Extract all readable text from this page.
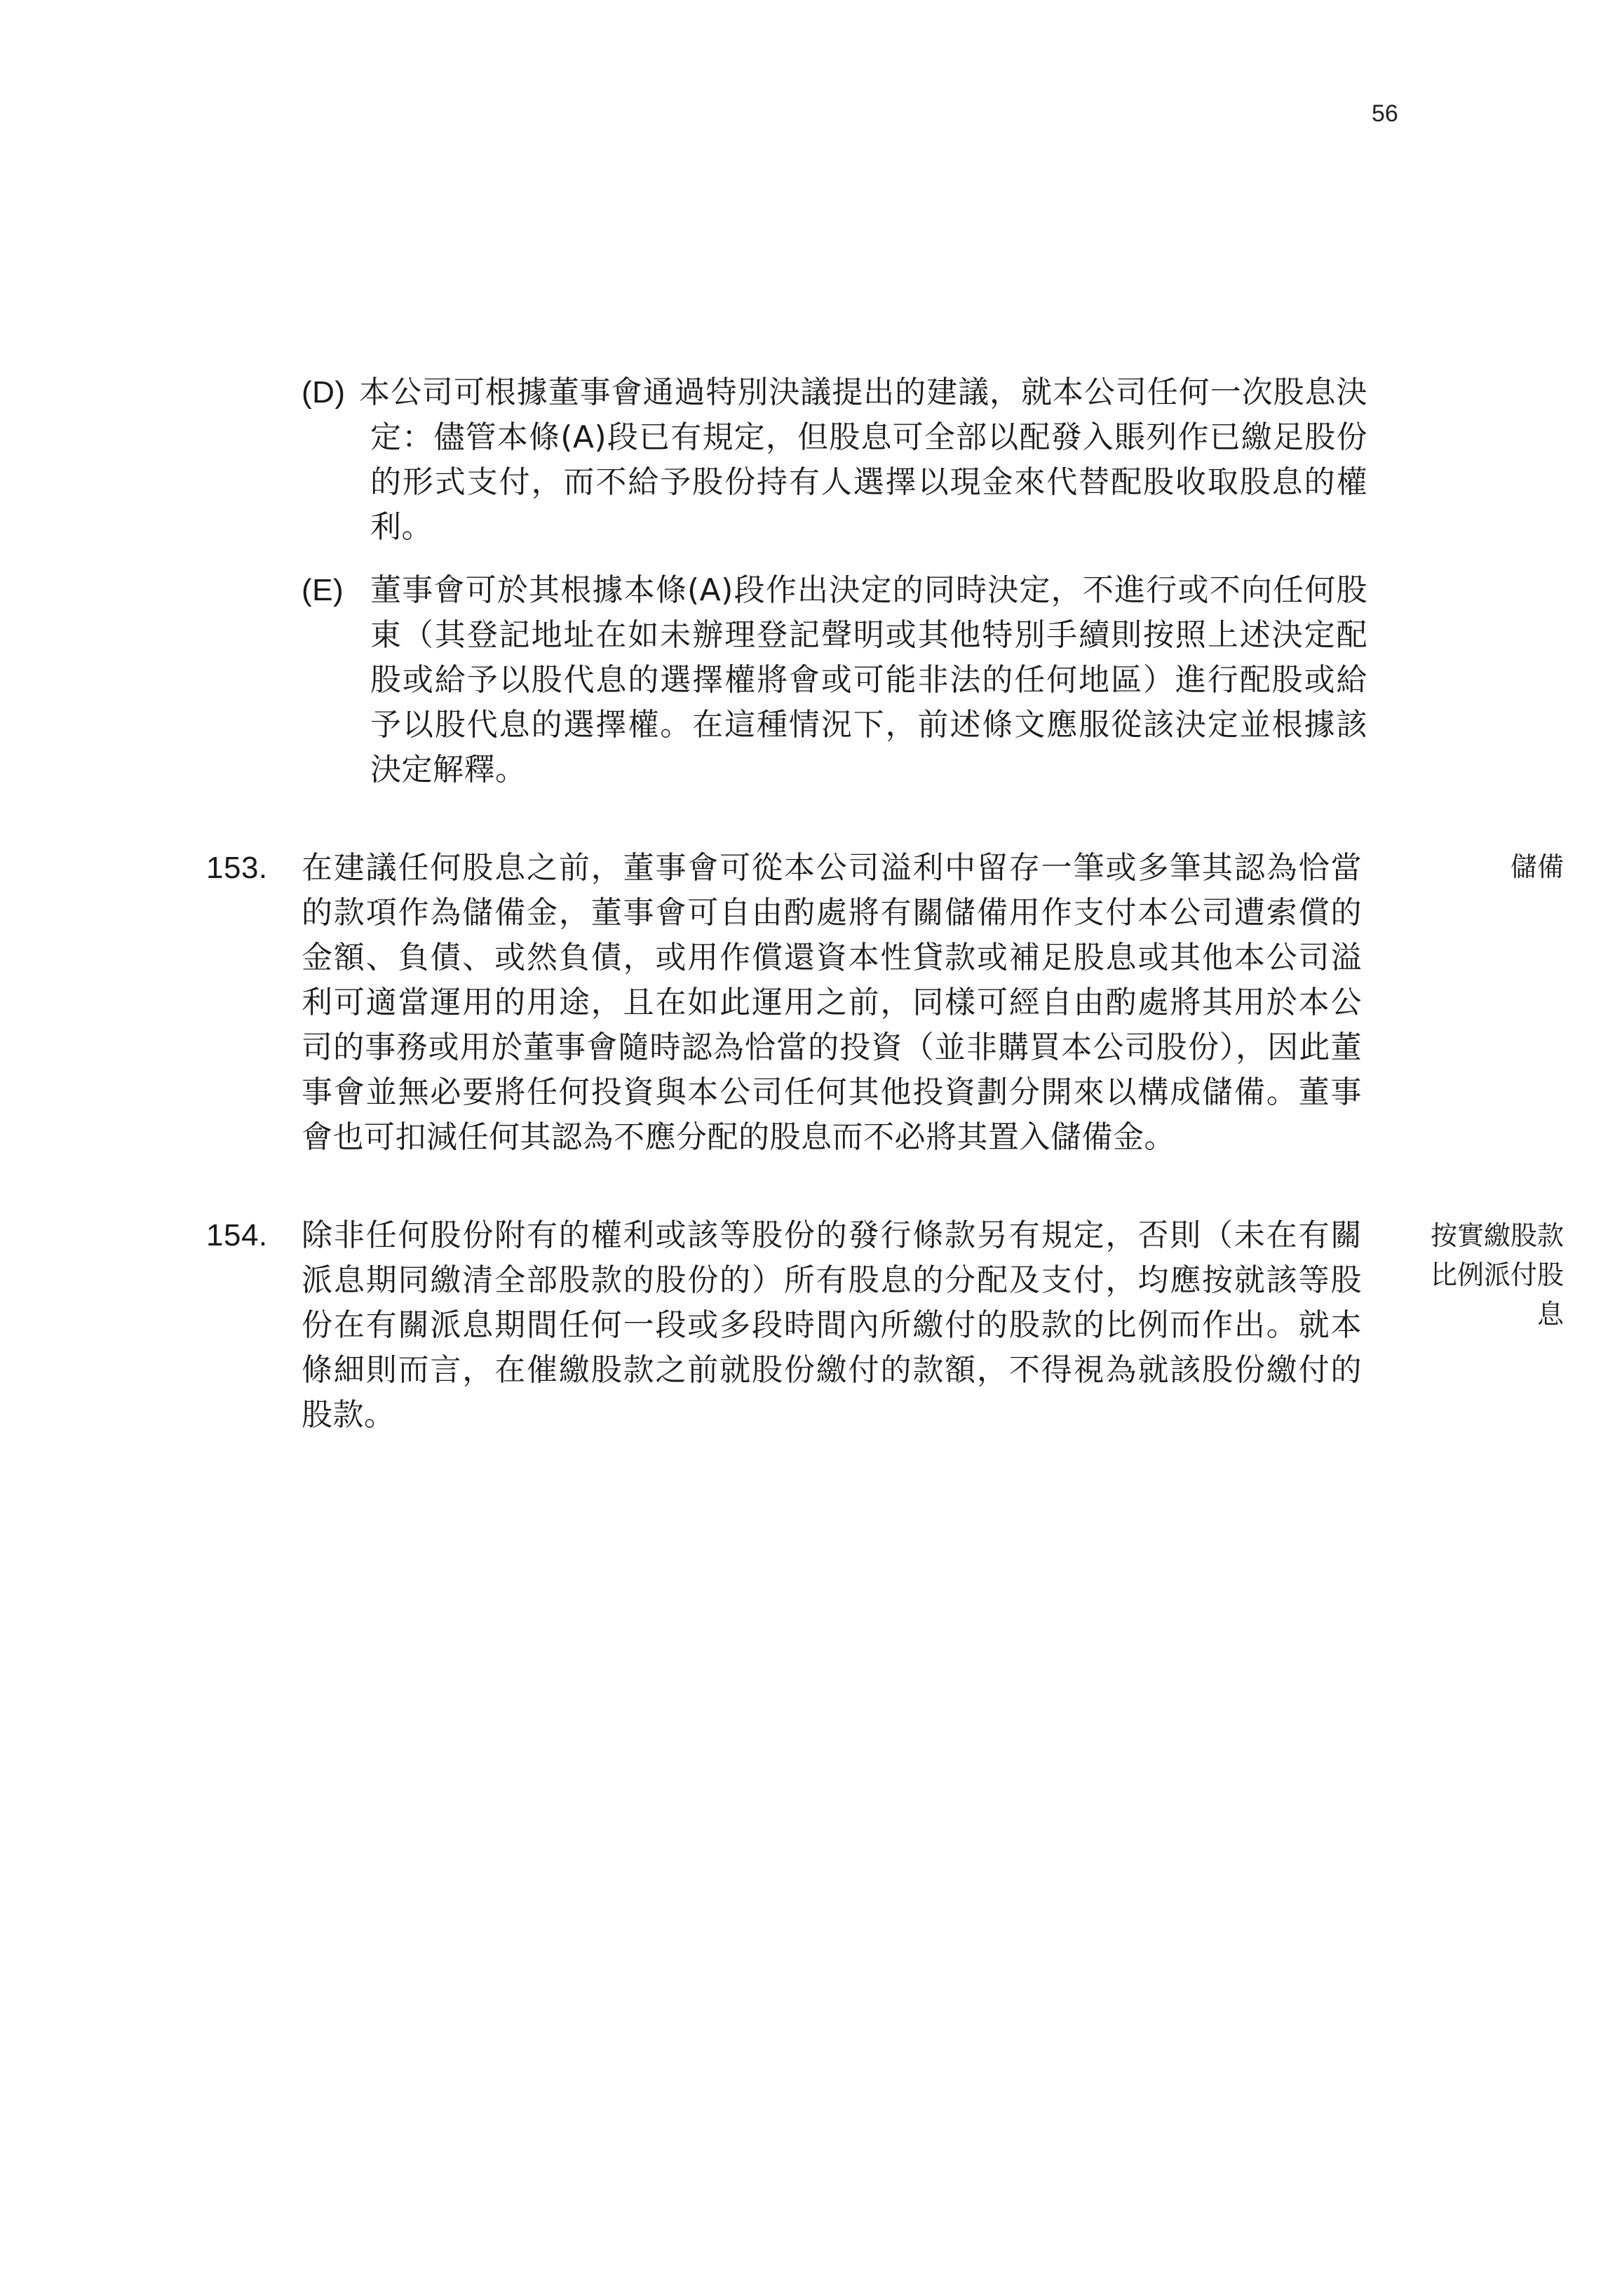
56
(D) 本公司可根據董事會通過特別決議提出的建議，就本公司任何一次股息決定：儘管本條(A)段已有規定，但股息可全部以配發入賬列作已繳足股份的形式支付，而不給予股份持有人選擇以現金來代替配股收取股息的權利。
(E) 董事會可於其根據本條(A)段作出決定的同時決定，不進行或不向任何股東（其登記地址在如未辦理登記聲明或其他特別手續則按照上述決定配股或給予以股代息的選擇權將會或可能非法的任何地區）進行配股或給予以股代息的選擇權。在這種情況下，前述條文應服從該決定並根據該決定解釋。
153. 在建議任何股息之前，董事會可從本公司溢利中留存一筆或多筆其認為恰當的款項作為儲備金，董事會可自由酌處將有關儲備用作支付本公司遭索償的金額、負債、或然負債，或用作償還資本性貸款或補足股息或其他本公司溢利可適當運用的用途，且在如此運用之前，同樣可經自由酌處將其用於本公司的事務或用於董事會隨時認為恰當的投資（並非購買本公司股份），因此董事會並無必要將任何投資與本公司任何其他投資劃分開來以構成儲備。董事會也可扣減任何其認為不應分配的股息而不必將其置入儲備金。
儲備
154. 除非任何股份附有的權利或該等股份的發行條款另有規定，否則（未在有關派息期同繳清全部股款的股份的）所有股息的分配及支付，均應按就該等股份在有關派息期間任何一段或多段時間內所繳付的股款的比例而作出。就本條細則而言，在催繳股款之前就股份繳付的款額，不得視為就該股份繳付的股款。
按實繳股款比例派付股息
